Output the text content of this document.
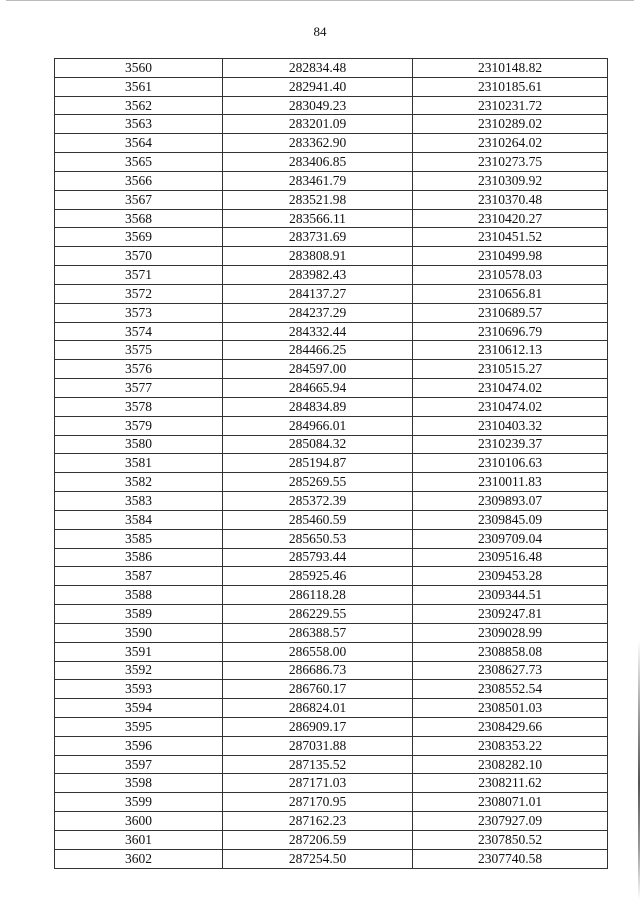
84
3560	282834.48	2310148.82
3561	282941.40	2310185.61
3562	283049.23	2310231.72
3563	283201.09	2310289.02
3564	283362.90	2310264.02
3565	283406.85	2310273.75
3566	283461.79	2310309.92
3567	283521.98	2310370.48
3568	283566.11	2310420.27
3569	283731.69	2310451.52
3570	283808.91	2310499.98
3571	283982.43	2310578.03
3572	284137.27	2310656.81
3573	284237.29	2310689.57
3574	284332.44	2310696.79
3575	284466.25	2310612.13
3576	284597.00	2310515.27
3577	284665.94	2310474.02
3578	284834.89	2310474.02
3579	284966.01	2310403.32
3580	285084.32	2310239.37
3581	285194.87	2310106.63
3582	285269.55	2310011.83
3583	285372.39	2309893.07
3584	285460.59	2309845.09
3585	285650.53	2309709.04
3586	285793.44	2309516.48
3587	285925.46	2309453.28
3588	286118.28	2309344.51
3589	286229.55	2309247.81
3590	286388.57	2309028.99
3591	286558.00	2308858.08
3592	286686.73	2308627.73
3593	286760.17	2308552.54
3594	286824.01	2308501.03
3595	286909.17	2308429.66
3596	287031.88	2308353.22
3597	287135.52	2308282.10
3598	287171.03	2308211.62
3599	287170.95	2308071.01
3600	287162.23	2307927.09
3601	287206.59	2307850.52
3602	287254.50	2307740.58
